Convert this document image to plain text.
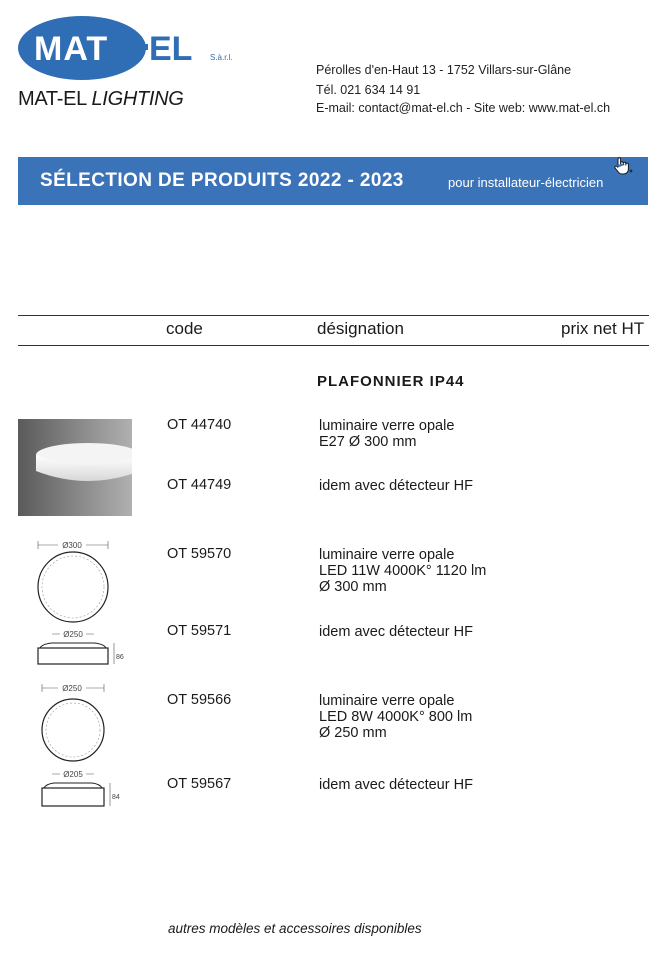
MAT EL S.à.r.l.
MAT-EL LIGHTING
Pérolles d'en-Haut 13 - 1752 Villars-sur-Glâne
Tél. 021 634 14 91
E-mail: contact@mat-el.ch - Site web: www.mat-el.ch
SÉLECTION DE PRODUITS 2022 - 2023	pour installateur-électricien
code	désignation	prix net HT
PLAFONNIER IP44
OT 44740	luminaire verre opale
E27 Ø 300 mm
OT 44749	idem avec détecteur HF
OT 59570	luminaire verre opale
LED 11W 4000K° 1120 lm
Ø 300 mm
OT 59571	idem avec détecteur HF
OT 59566	luminaire verre opale
LED 8W 4000K° 800 lm
Ø 250 mm
OT 59567	idem avec détecteur HF
Ø300
Ø250
86
Ø250
Ø205
84
autres modèles et accessoires disponibles
